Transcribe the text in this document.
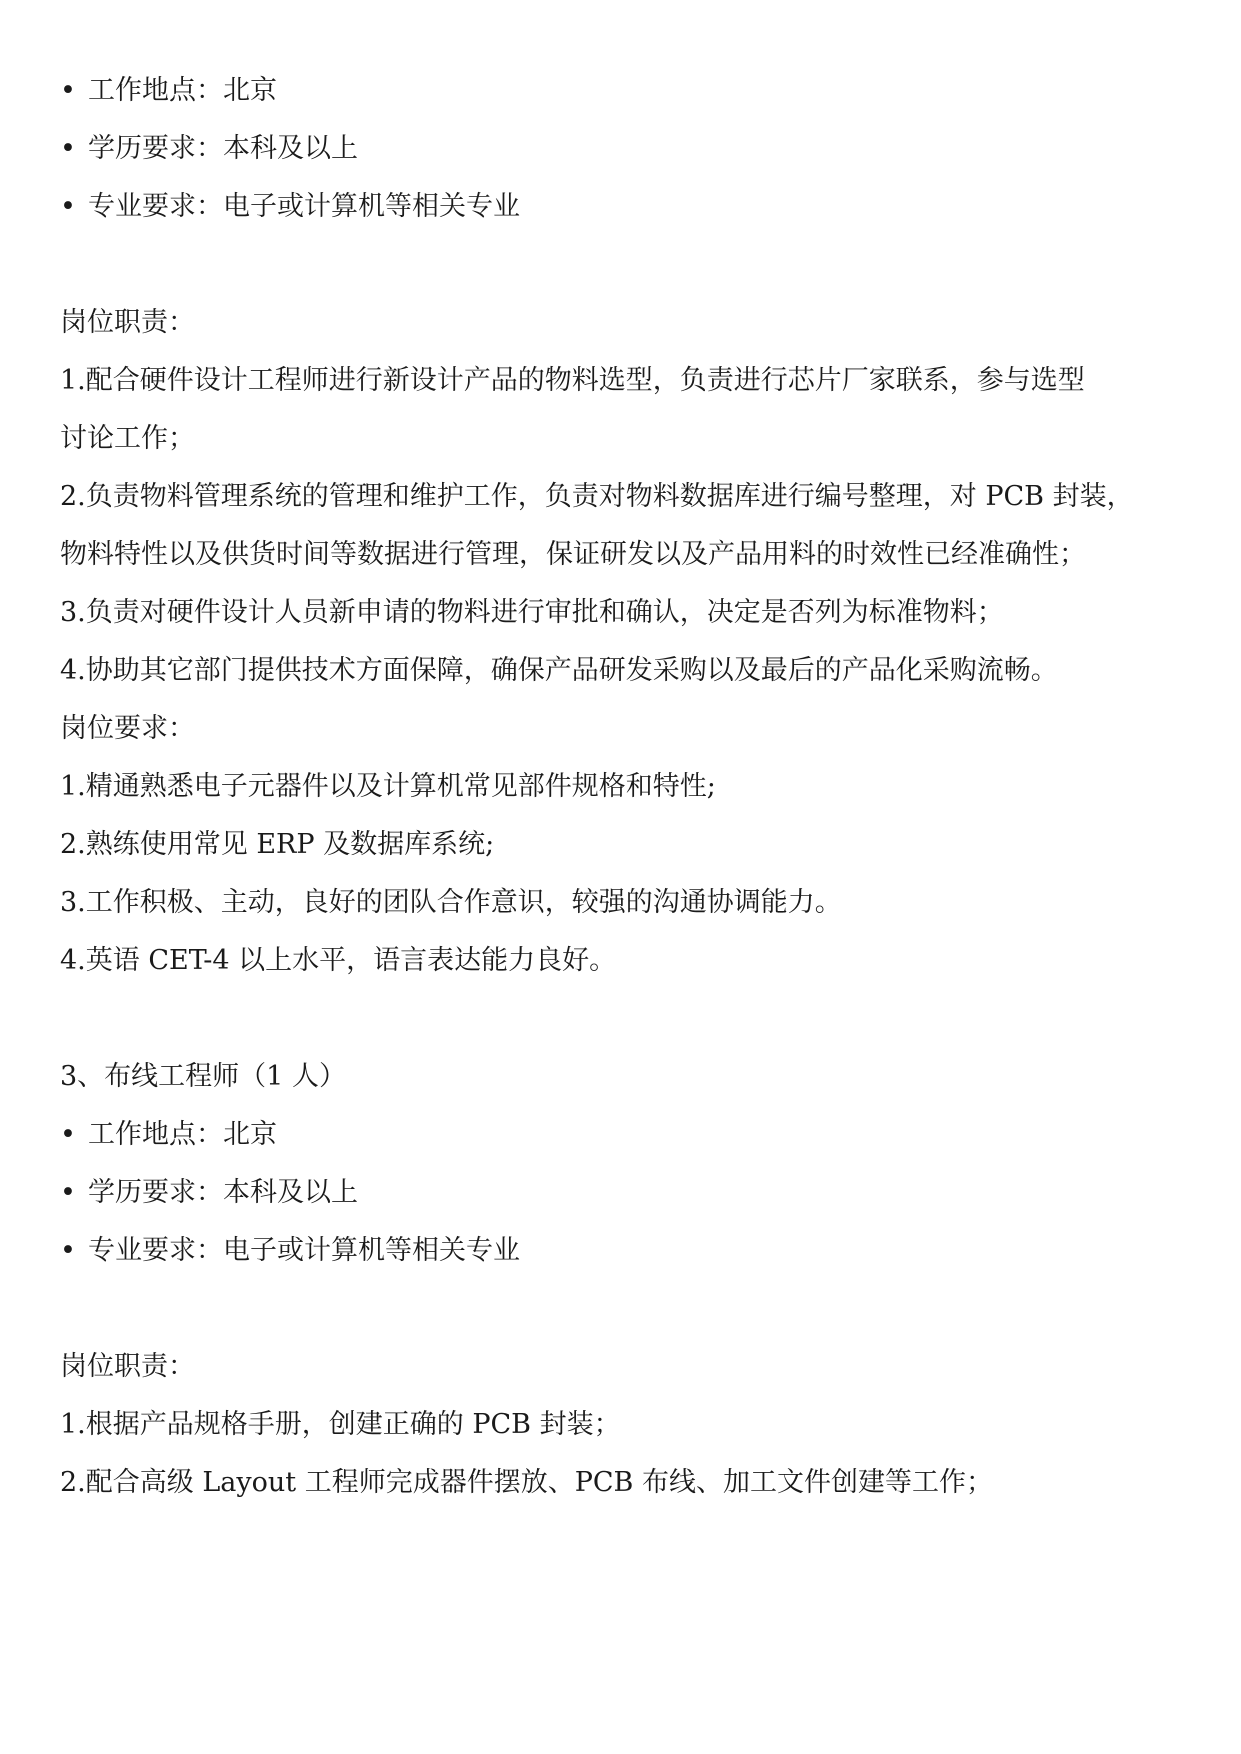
• 工作地点：北京
• 学历要求：本科及以上
• 专业要求：电子或计算机等相关专业
岗位职责：
1.配合硬件设计工程师进行新设计产品的物料选型，负责进行芯片厂家联系，参与选型
讨论工作；
2.负责物料管理系统的管理和维护工作，负责对物料数据库进行编号整理，对 PCB 封装，
物料特性以及供货时间等数据进行管理，保证研发以及产品用料的时效性已经准确性；
3.负责对硬件设计人员新申请的物料进行审批和确认，决定是否列为标准物料；
4.协助其它部门提供技术方面保障，确保产品研发采购以及最后的产品化采购流畅。
岗位要求：
1.精通熟悉电子元器件以及计算机常见部件规格和特性;
2.熟练使用常见 ERP 及数据库系统;
3.工作积极、主动，良好的团队合作意识，较强的沟通协调能力。
4.英语 CET-4 以上水平，语言表达能力良好。
3、布线工程师（1 人）
• 工作地点：北京
• 学历要求：本科及以上
• 专业要求：电子或计算机等相关专业
岗位职责：
1.根据产品规格手册，创建正确的 PCB 封装；
2.配合高级 Layout 工程师完成器件摆放、PCB 布线、加工文件创建等工作；
